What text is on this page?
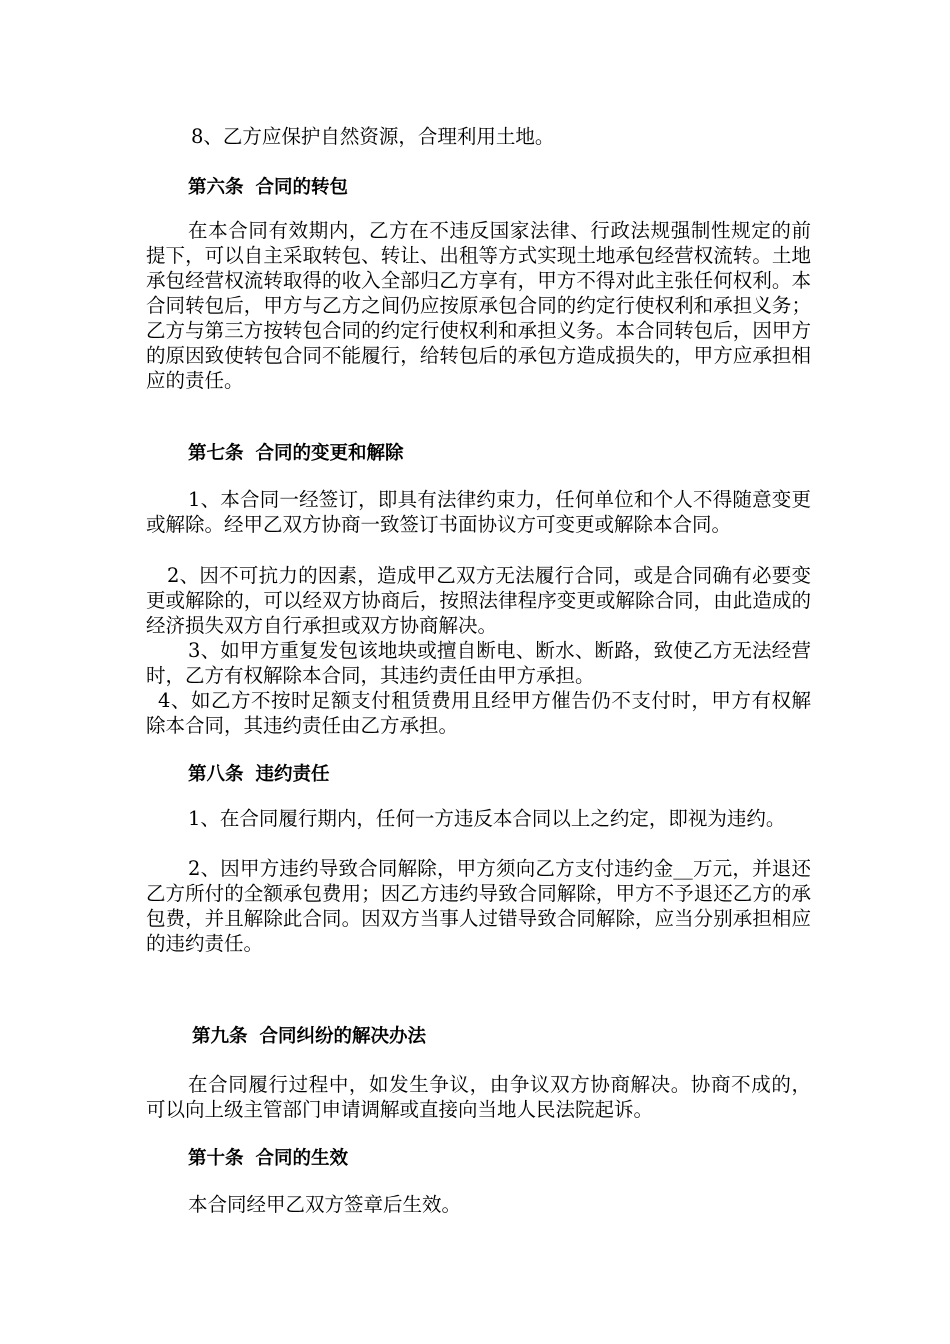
8、乙方应保护自然资源，合理利用土地。

第六条 合同的转包

在本合同有效期内，乙方在不违反国家法律、行政法规强制性规定的前提下，可以自主采取转包、转让、出租等方式实现土地承包经营权流转。土地承包经营权流转取得的收入全部归乙方享有，甲方不得对此主张任何权利。本合同转包后，甲方与乙方之间仍应按原承包合同的约定行使权利和承担义务；乙方与第三方按转包合同的约定行使权利和承担义务。本合同转包后，因甲方的原因致使转包合同不能履行，给转包后的承包方造成损失的，甲方应承担相应的责任。

第七条 合同的变更和解除

1、本合同一经签订，即具有法律约束力，任何单位和个人不得随意变更或解除。经甲乙双方协商一致签订书面协议方可变更或解除本合同。

2、因不可抗力的因素，造成甲乙双方无法履行合同，或是合同确有必要变更或解除的，可以经双方协商后，按照法律程序变更或解除合同，由此造成的经济损失双方自行承担或双方协商解决。

3、如甲方重复发包该地块或擅自断电、断水、断路，致使乙方无法经营时，乙方有权解除本合同，其违约责任由甲方承担。

4、如乙方不按时足额支付租赁费用且经甲方催告仍不支付时，甲方有权解除本合同，其违约责任由乙方承担。

第八条 违约责任

1、在合同履行期内，任何一方违反本合同以上之约定，即视为违约。

2、因甲方违约导致合同解除，甲方须向乙方支付违约金__万元，并退还乙方所付的全额承包费用；因乙方违约导致合同解除，甲方不予退还乙方的承包费，并且解除此合同。因双方当事人过错导致合同解除，应当分别承担相应的违约责任。

第九条 合同纠纷的解决办法

在合同履行过程中，如发生争议，由争议双方协商解决。协商不成的，可以向上级主管部门申请调解或直接向当地人民法院起诉。

第十条 合同的生效

本合同经甲乙双方签章后生效。
